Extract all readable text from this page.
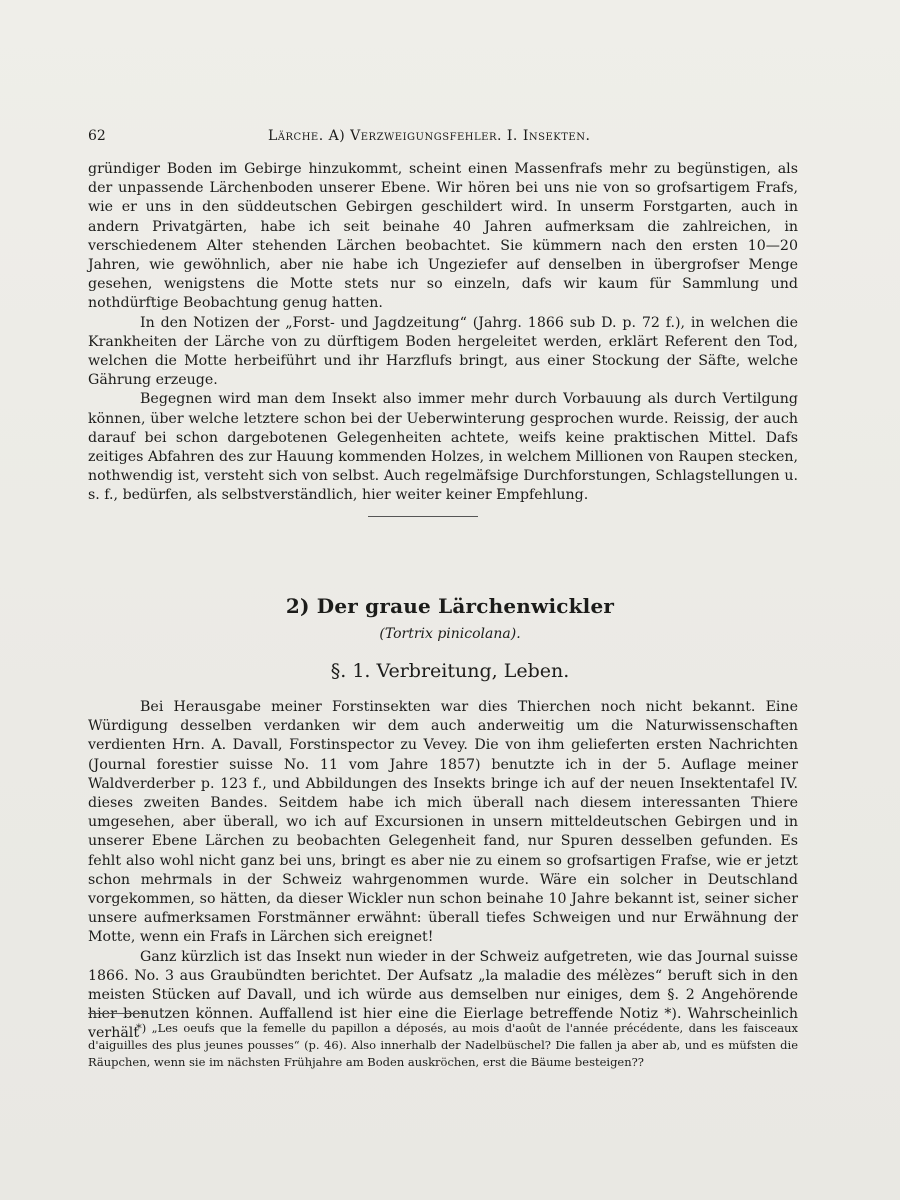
62	Lärche. A) Verzweigungsfehler. I. Insekten.

gründiger Boden im Gebirge hinzukommt, scheint einen Massenfrafs mehr zu begünstigen, als der unpassende Lärchenboden unserer Ebene. Wir hören bei uns nie von so grofsartigem Frafs, wie er uns in den süddeutschen Gebirgen geschildert wird. In unserm Forstgarten, auch in andern Privatgärten, habe ich seit beinahe 40 Jahren aufmerksam die zahlreichen, in verschiedenem Alter stehenden Lärchen beobachtet. Sie kümmern nach den ersten 10—20 Jahren, wie gewöhnlich, aber nie habe ich Ungeziefer auf denselben in übergrofser Menge gesehen, wenigstens die Motte stets nur so einzeln, dafs wir kaum für Sammlung und nothdürftige Beobachtung genug hatten.

In den Notizen der „Forst- und Jagdzeitung“ (Jahrg. 1866 sub D. p. 72 f.), in welchen die Krankheiten der Lärche von zu dürftigem Boden hergeleitet werden, erklärt Referent den Tod, welchen die Motte herbeiführt und ihr Harzflufs bringt, aus einer Stockung der Säfte, welche Gährung erzeuge.

Begegnen wird man dem Insekt also immer mehr durch Vorbauung als durch Vertilgung können, über welche letztere schon bei der Ueberwinterung gesprochen wurde. Reissig, der auch darauf bei schon dargebotenen Gelegenheiten achtete, weifs keine praktischen Mittel. Dafs zeitiges Abfahren des zur Hauung kommenden Holzes, in welchem Millionen von Raupen stecken, nothwendig ist, versteht sich von selbst. Auch regelmäfsige Durchforstungen, Schlagstellungen u. s. f., bedürfen, als selbstverständlich, hier weiter keiner Empfehlung.

2) Der graue Lärchenwickler
(Tortrix pinicolana).
§. 1. Verbreitung, Leben.

Bei Herausgabe meiner Forstinsekten war dies Thierchen noch nicht bekannt. Eine Würdigung desselben verdanken wir dem auch anderweitig um die Naturwissenschaften verdienten Hrn. A. Davall, Forstinspector zu Vevey. Die von ihm gelieferten ersten Nachrichten (Journal forestier suisse No. 11 vom Jahre 1857) benutzte ich in der 5. Auflage meiner Waldverderber p. 123 f., und Abbildungen des Insekts bringe ich auf der neuen Insektentafel IV. dieses zweiten Bandes. Seitdem habe ich mich überall nach diesem interessanten Thiere umgesehen, aber überall, wo ich auf Excursionen in unsern mitteldeutschen Gebirgen und in unserer Ebene Lärchen zu beobachten Gelegenheit fand, nur Spuren desselben gefunden. Es fehlt also wohl nicht ganz bei uns, bringt es aber nie zu einem so grofsartigen Frafse, wie er jetzt schon mehrmals in der Schweiz wahrgenommen wurde. Wäre ein solcher in Deutschland vorgekommen, so hätten, da dieser Wickler nun schon beinahe 10 Jahre bekannt ist, seiner sicher unsere aufmerksamen Forstmänner erwähnt: überall tiefes Schweigen und nur Erwähnung der Motte, wenn ein Frafs in Lärchen sich ereignet!

Ganz kürzlich ist das Insekt nun wieder in der Schweiz aufgetreten, wie das Journal suisse 1866. No. 3 aus Graubündten berichtet. Der Aufsatz „la maladie des mélèzes“ beruft sich in den meisten Stücken auf Davall, und ich würde aus demselben nur einiges, dem §. 2 Angehörende hier benutzen können. Auffallend ist hier eine die Eierlage betreffende Notiz *). Wahrscheinlich verhält

*) „Les oeufs que la femelle du papillon a déposés, au mois d'août de l'année précédente, dans les faisceaux d'aiguilles des plus jeunes pousses“ (p. 46). Also innerhalb der Nadelbüschel? Die fallen ja aber ab, und es müfsten die Räupchen, wenn sie im nächsten Frühjahre am Boden auskröchen, erst die Bäume besteigen??
